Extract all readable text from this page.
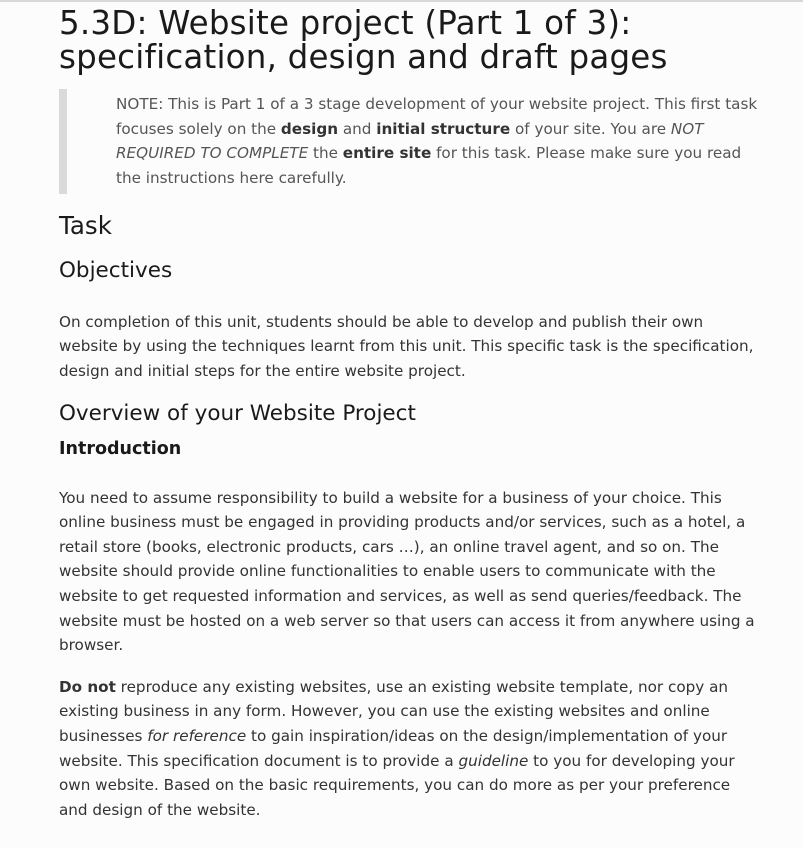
5.3D: Website project (Part 1 of 3): specification, design and draft pages
NOTE: This is Part 1 of a 3 stage development of your website project. This first task focuses solely on the design and initial structure of your site. You are NOT REQUIRED TO COMPLETE the entire site for this task. Please make sure you read the instructions here carefully.
Task
Objectives

On completion of this unit, students should be able to develop and publish their own website by using the techniques learnt from this unit. This specific task is the specification, design and initial steps for the entire website project.

Overview of your Website Project
Introduction

You need to assume responsibility to build a website for a business of your choice. This online business must be engaged in providing products and/or services, such as a hotel, a retail store (books, electronic products, cars …), an online travel agent, and so on. The website should provide online functionalities to enable users to communicate with the website to get requested information and services, as well as send queries/feedback. The website must be hosted on a web server so that users can access it from anywhere using a browser.

Do not reproduce any existing websites, use an existing website template, nor copy an existing business in any form. However, you can use the existing websites and online businesses for reference to gain inspiration/ideas on the design/implementation of your website. This specification document is to provide a guideline to you for developing your own website. Based on the basic requirements, you can do more as per your preference and design of the website.
